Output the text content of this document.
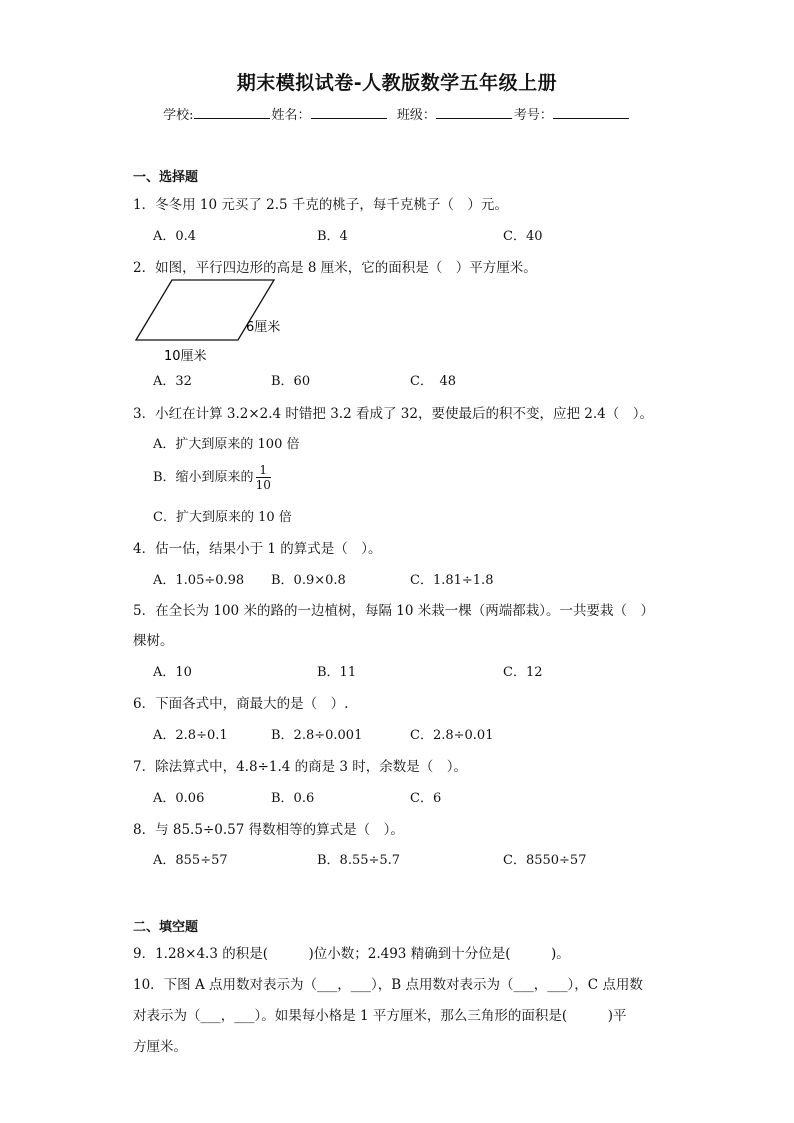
期末模拟试卷-人教版数学五年级上册
学校:	姓名：	班级：	考号：
一、选择题
1．冬冬用 10 元买了 2.5 千克的桃子，每千克桃子（　）元。
A．0.4	B．4	C．40
2．如图，平行四边形的高是 8 厘米，它的面积是（　）平方厘米。
6厘米
10厘米
A．32	B．60	C．　48
3．小红在计算 3.2×2.4 时错把 3.2 看成了 32，要使最后的积不变，应把 2.4（　）。
A．扩大到原来的 100 倍
B．缩小到原来的 $\frac{1}{10}$
C．扩大到原来的 10 倍
4．估一估，结果小于 1 的算式是（　）。
A．1.05÷0.98 B．0.9×0.8	C．1.81÷1.8
5．在全长为 100 米的路的一边植树，每隔 10 米栽一棵（两端都栽）。一共要栽（　）
棵树。
A．10	B．11	C．12
6．下面各式中，商最大的是（　）.
A．2.8÷0.1	B．2.8÷0.001	C．2.8÷0.01
7．除法算式中，4.8÷1.4 的商是 3 时，余数是（　）。
A．0.06	B．0.6	C．6
8．与 85.5÷0.57 得数相等的算式是（　）。
A．855÷57	B．8.55÷5.7	C．8550÷57
二、填空题
9．1.28×4.3 的积是(　　　)位小数；2.493 精确到十分位是(　　　)。
10．下图 A 点用数对表示为（___，___），B 点用数对表示为（___，___），C 点用数
对表示为（___，___）。如果每小格是 1 平方厘米，那么三角形的面积是(　　　)平
方厘米。
